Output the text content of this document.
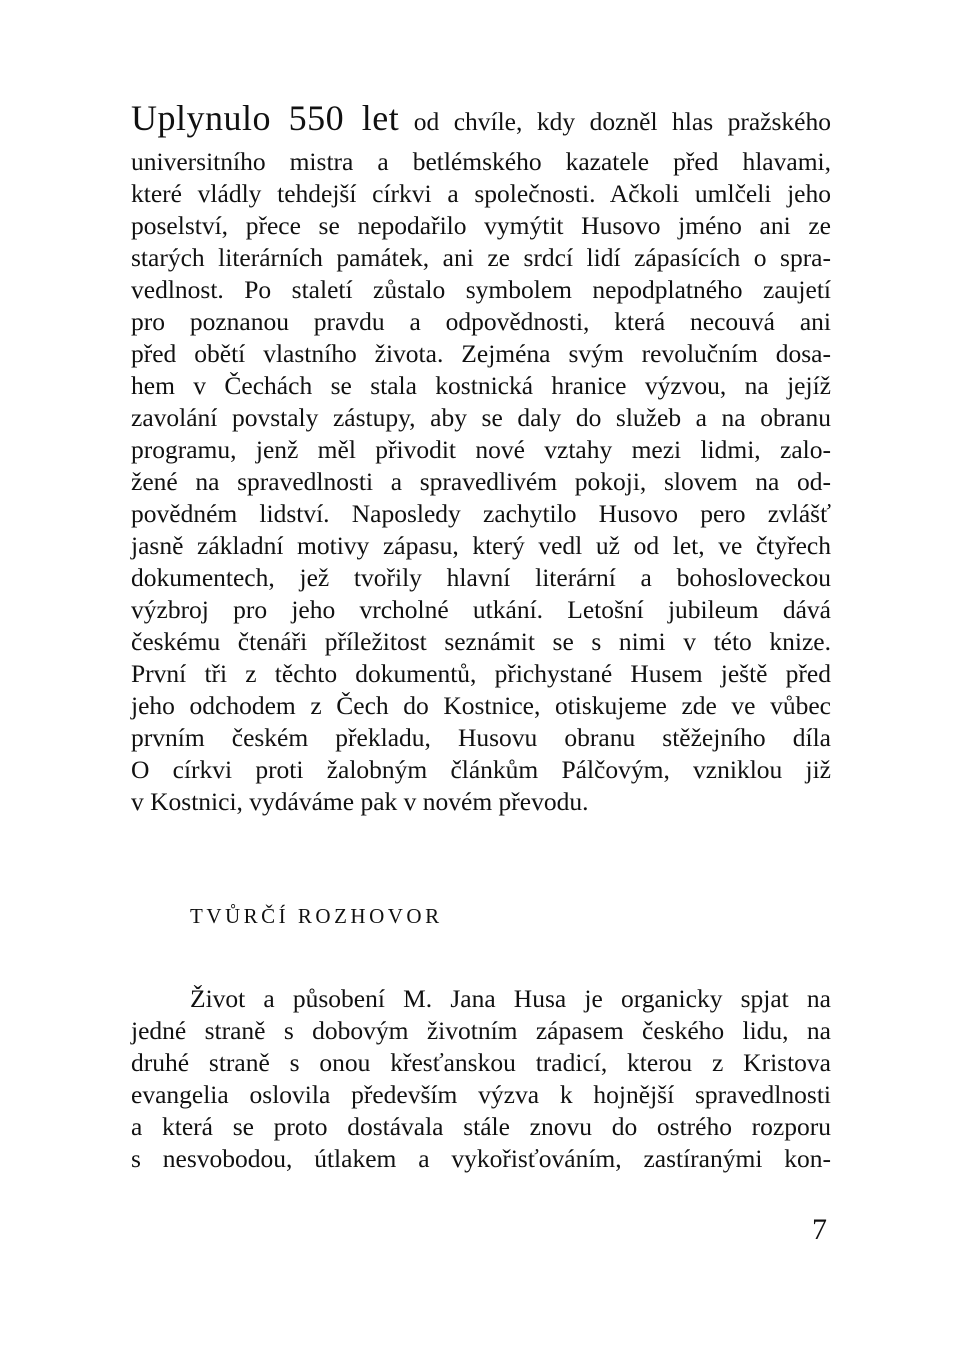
Uplynulo 550 let od chvíle, kdy dozněl hlas pražského
universitního mistra a betlémského kazatele před hlavami,
které vládly tehdejší církvi a společnosti. Ačkoli umlčeli jeho
poselství, přece se nepodařilo vymýtit Husovo jméno ani ze
starých literárních památek, ani ze srdcí lidí zápasících o spra-
vedlnost. Po staletí zůstalo symbolem nepodplatného zaujetí
pro poznanou pravdu a odpovědnosti, která necouvá ani
před obětí vlastního života. Zejména svým revolučním dosa-
hem v Čechách se stala kostnická hranice výzvou, na jejíž
zavolání povstaly zástupy, aby se daly do služeb a na obranu
programu, jenž měl přivodit nové vztahy mezi lidmi, zalo-
žené na spravedlnosti a spravedlivém pokoji, slovem na od-
povědném lidství. Naposledy zachytilo Husovo pero zvlášť
jasně základní motivy zápasu, který vedl už od let, ve čtyřech
dokumentech, jež tvořily hlavní literární a bohosloveckou
výzbroj pro jeho vrcholné utkání. Letošní jubileum dává
českému čtenáři příležitost seznámit se s nimi v této knize.
První tři z těchto dokumentů, přichystané Husem ještě před
jeho odchodem z Čech do Kostnice, otiskujeme zde ve vůbec
prvním českém překladu, Husovu obranu stěžejního díla
O církvi proti žalobným článkům Pálčovým, vzniklou již
v Kostnici, vydáváme pak v novém převodu.
TVŮRČÍ ROZHOVOR
Život a působení M. Jana Husa je organicky spjat na
jedné straně s dobovým životním zápasem českého lidu, na
druhé straně s onou křesťanskou tradicí, kterou z Kristova
evangelia oslovila především výzva k hojnější spravedlnosti
a která se proto dostávala stále znovu do ostrého rozporu
s nesvobodou, útlakem a vykořisťováním, zastíranými kon-
7
